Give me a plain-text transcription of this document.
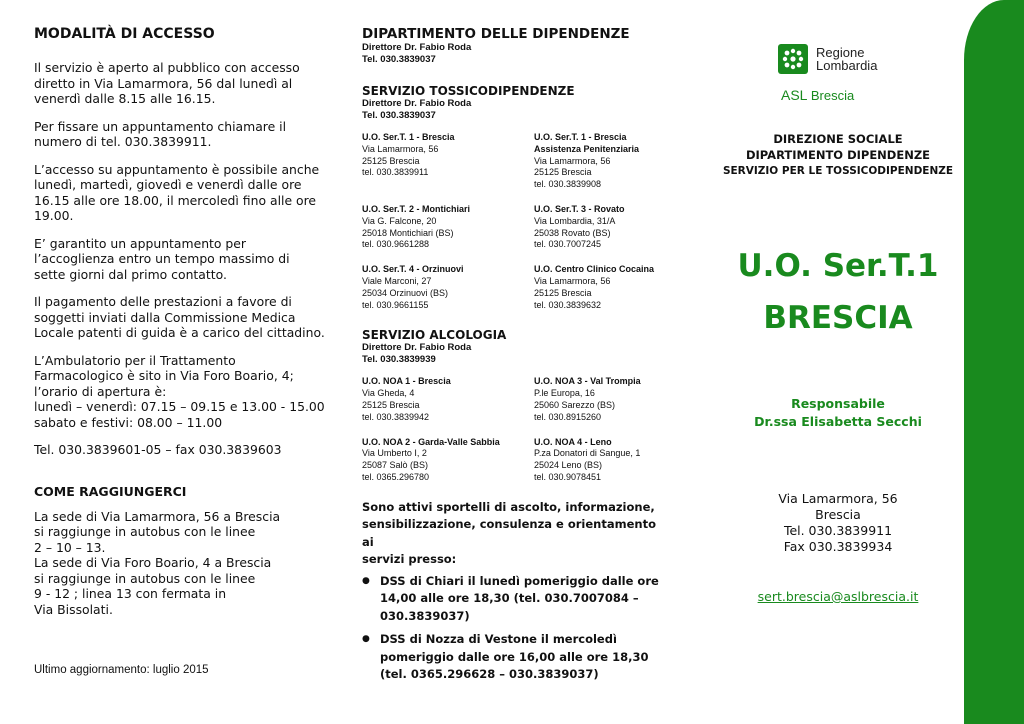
MODALITÀ DI ACCESSO
Il servizio è aperto al pubblico con accesso
diretto in Via Lamarmora, 56 dal lunedì al
venerdì dalle 8.15 alle 16.15.
Per fissare un appuntamento chiamare il
numero di tel. 030.3839911.
L’accesso su appuntamento è possibile anche
lunedì, martedì, giovedì e venerdì dalle ore
16.15 alle ore 18.00, il mercoledì fino alle ore
19.00.
E’ garantito un appuntamento per
l’accoglienza entro un tempo massimo di
sette giorni dal primo contatto.
Il pagamento delle prestazioni a favore di
soggetti inviati dalla Commissione Medica
Locale patenti di guida è a carico del cittadino.
L’Ambulatorio per il Trattamento
Farmacologico è sito in Via Foro Boario, 4;
l’orario di apertura è:
lunedì – venerdì: 07.15 – 09.15 e 13.00 - 15.00
sabato e festivi: 08.00 – 11.00
Tel. 030.3839601-05 – fax 030.3839603
COME RAGGIUNGERCI
La sede di Via Lamarmora, 56 a Brescia
si raggiunge in autobus con le linee
2 – 10 – 13.
La sede di Via Foro Boario, 4 a Brescia
si raggiunge in autobus con le linee
9 - 12 ; linea 13 con fermata in
Via Bissolati.
Ultimo aggiornamento: luglio 2015
DIPARTIMENTO DELLE DIPENDENZE
Direttore Dr. Fabio Roda
Tel. 030.3839037
SERVIZIO TOSSICODIPENDENZE
Direttore Dr. Fabio Roda
Tel. 030.3839037
U.O. Ser.T. 1 - Brescia
Via Lamarmora, 56
25125 Brescia
tel. 030.3839911
U.O. Ser.T. 1 - Brescia
Assistenza Penitenziaria
Via Lamarmora, 56
25125 Brescia
tel. 030.3839908
U.O. Ser.T. 2 - Montichiari
Via G. Falcone, 20
25018 Montichiari (BS)
tel. 030.9661288
U.O. Ser.T. 3 - Rovato
Via Lombardia, 31/A
25038 Rovato (BS)
tel. 030.7007245
U.O. Ser.T. 4 - Orzinuovi
Viale Marconi, 27
25034 Orzinuovi (BS)
tel. 030.9661155
U.O. Centro Clinico Cocaina
Via Lamarmora, 56
25125 Brescia
tel. 030.3839632
SERVIZIO ALCOLOGIA
Direttore Dr. Fabio Roda
Tel. 030.3839939
U.O. NOA 1 - Brescia
Via Gheda, 4
25125 Brescia
tel. 030.3839942
U.O. NOA 3 - Val Trompia
P.le Europa, 16
25060 Sarezzo (BS)
tel. 030.8915260
U.O. NOA 2 - Garda-Valle Sabbia
Via Umberto I, 2
25087 Salò (BS)
tel. 0365.296780
U.O. NOA 4 - Leno
P.za Donatori di Sangue, 1
25024 Leno (BS)
tel. 030.9078451
Sono attivi sportelli di ascolto, informazione,
sensibilizzazione, consulenza e orientamento ai
servizi presso:
● DSS di Chiari il lunedì pomeriggio dalle ore
14,00 alle ore 18,30 (tel. 030.7007084 –
030.3839037)
● DSS di Nozza di Vestone il mercoledì
pomeriggio dalle ore 16,00 alle ore 18,30
(tel. 0365.296628 – 030.3839037)
Regione
Lombardia
ASL Brescia
DIREZIONE SOCIALE
DIPARTIMENTO DIPENDENZE
SERVIZIO PER LE TOSSICODIPENDENZE
U.O. Ser.T.1
BRESCIA
Responsabile
Dr.ssa Elisabetta Secchi
Via Lamarmora, 56
Brescia
Tel. 030.3839911
Fax 030.3839934
sert.brescia@aslbrescia.it
